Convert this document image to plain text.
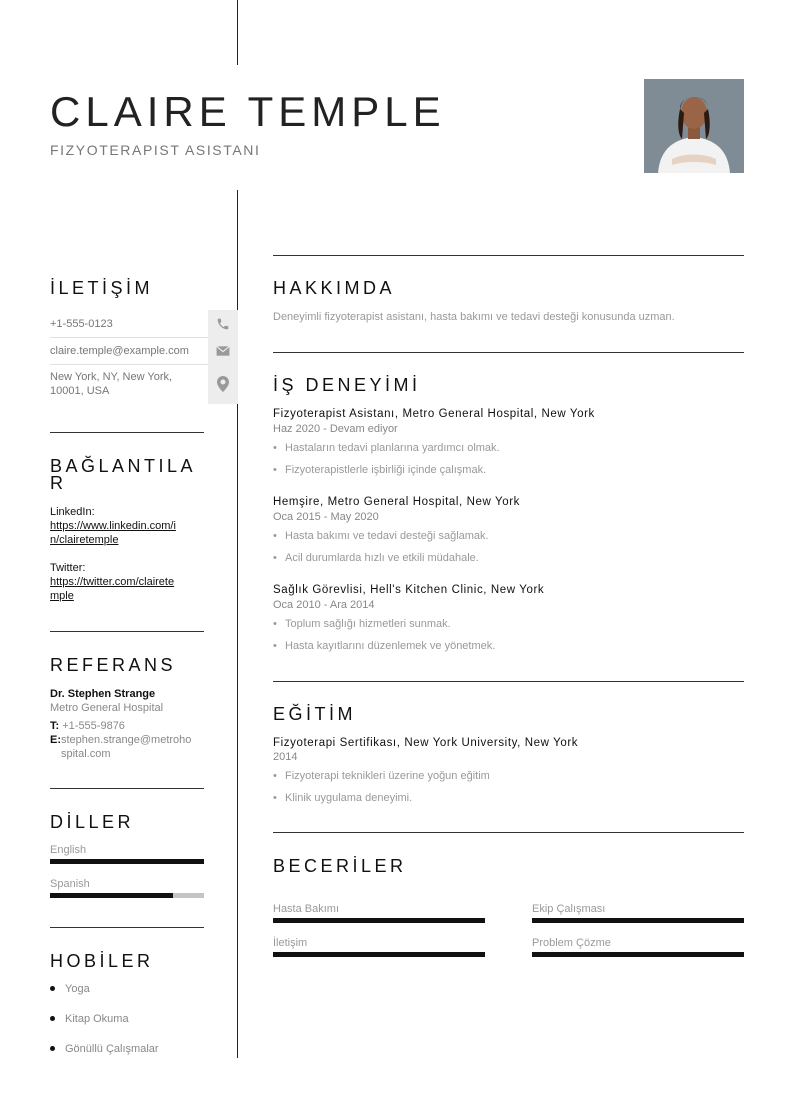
CLAIRE TEMPLE
FIZYOTERAPIST ASISTANI
İLETİŞİM
+1-555-0123
claire.temple@example.com
New York, NY, New York,
10001, USA
BAĞLANTILA
R
LinkedIn:
https://www.linkedin.com/i
n/clairetemple
Twitter:
https://twitter.com/clairete
mple
REFERANS
Dr. Stephen Strange
Metro General Hospital
T: +1-555-9876
E: stephen.strange@metroho
spital.com
DİLLER
English
Spanish
HOBİLER
Yoga
Kitap Okuma
Gönüllü Çalışmalar
HAKKIMDA
Deneyimli fizyoterapist asistanı, hasta bakımı ve tedavi desteği konusunda uzman.
İŞ DENEYİMİ
Fizyoterapist Asistanı, Metro General Hospital, New York
Haz 2020 - Devam ediyor
• Hastaların tedavi planlarına yardımcı olmak.
• Fizyoterapistlerle işbirliği içinde çalışmak.
Hemşire, Metro General Hospital, New York
Oca 2015 - May 2020
• Hasta bakımı ve tedavi desteği sağlamak.
• Acil durumlarda hızlı ve etkili müdahale.
Sağlık Görevlisi, Hell's Kitchen Clinic, New York
Oca 2010 - Ara 2014
• Toplum sağlığı hizmetleri sunmak.
• Hasta kayıtlarını düzenlemek ve yönetmek.
EĞİTİM
Fizyoterapi Sertifikası, New York University, New York
2014
• Fizyoterapi teknikleri üzerine yoğun eğitim
• Klinik uygulama deneyimi.
BECERİLER
Hasta Bakımı	Ekip Çalışması
İletişim	Problem Çözme
